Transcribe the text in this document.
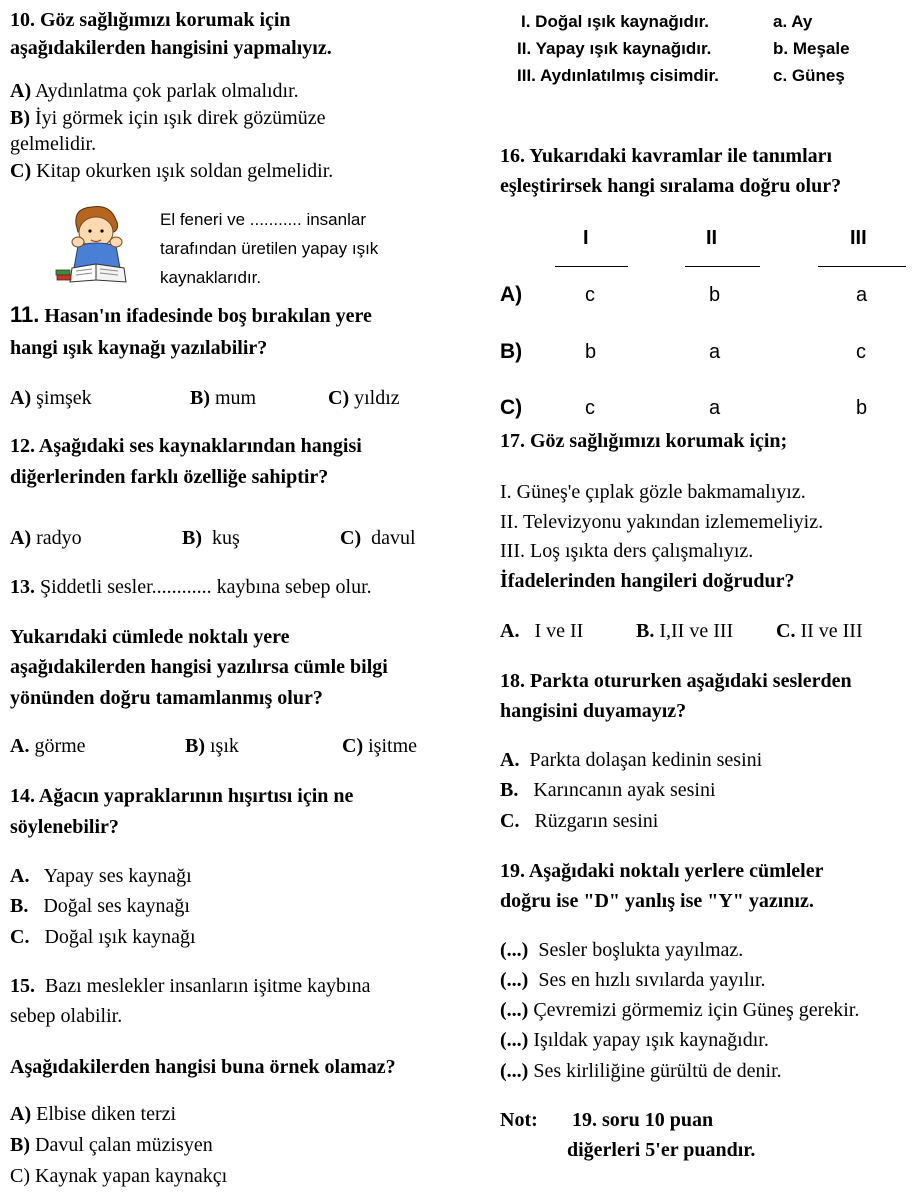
10. Göz sağlığımızı korumak için
aşağıdakilerden hangisini yapmalıyız.
A) Aydınlatma çok parlak olmalıdır.
B) İyi görmek için ışık direk gözümüze
gelmelidir.
C) Kitap okurken ışık soldan gelmelidir.
El feneri ve ........... insanlar
tarafından üretilen yapay ışık
kaynaklarıdır.
11. Hasan'ın ifadesinde boş bırakılan yere
hangi ışık kaynağı yazılabilir?
A) şimşek	B) mum	C) yıldız
12. Aşağıdaki ses kaynaklarından hangisi
diğerlerinden farklı özelliğe sahiptir?
A) radyo	B) kuş	C) davul
13. Şiddetli sesler............ kaybına sebep olur.
Yukarıdaki cümlede noktalı yere
aşağıdakilerden hangisi yazılırsa cümle bilgi
yönünden doğru tamamlanmış olur?
A. görme	B) ışık	C) işitme
14. Ağacın yapraklarının hışırtısı için ne
söylenebilir?
A. Yapay ses kaynağı
B. Doğal ses kaynağı
C. Doğal ışık kaynağı
15. Bazı meslekler insanların işitme kaybına
sebep olabilir.
Aşağıdakilerden hangisi buna örnek olamaz?
A) Elbise diken terzi
B) Davul çalan müzisyen
C) Kaynak yapan kaynakçı
I. Doğal ışık kaynağıdır.	a. Ay
II. Yapay ışık kaynağıdır.	b. Meşale
III. Aydınlatılmış cisimdir.	c. Güneş
16. Yukarıdaki kavramlar ile tanımları
eşleştirirsek hangi sıralama doğru olur?
I	II	III
A)	c	b	a
B)	b	a	c
C)	c	a	b
17. Göz sağlığımızı korumak için;
I. Güneş'e çıplak gözle bakmamalıyız.
II. Televizyonu yakından izlememeliyiz.
III. Loş ışıkta ders çalışmalıyız.
İfadelerinden hangileri doğrudur?
A. I ve II	B. I,II ve III C. II ve III
18. Parkta otururken aşağıdaki seslerden
hangisini duyamayız?
A. Parkta dolaşan kedinin sesini
B. Karıncanın ayak sesini
C. Rüzgarın sesini
19. Aşağıdaki noktalı yerlere cümleler
doğru ise "D" yanlış ise "Y" yazınız.
(...) Sesler boşlukta yayılmaz.
(...) Ses en hızlı sıvılarda yayılır.
(...) Çevremizi görmemiz için Güneş gerekir.
(...) Işıldak yapay ışık kaynağıdır.
(...) Ses kirliliğine gürültü de denir.
Not: 19. soru 10 puan
diğerleri 5'er puandır.
